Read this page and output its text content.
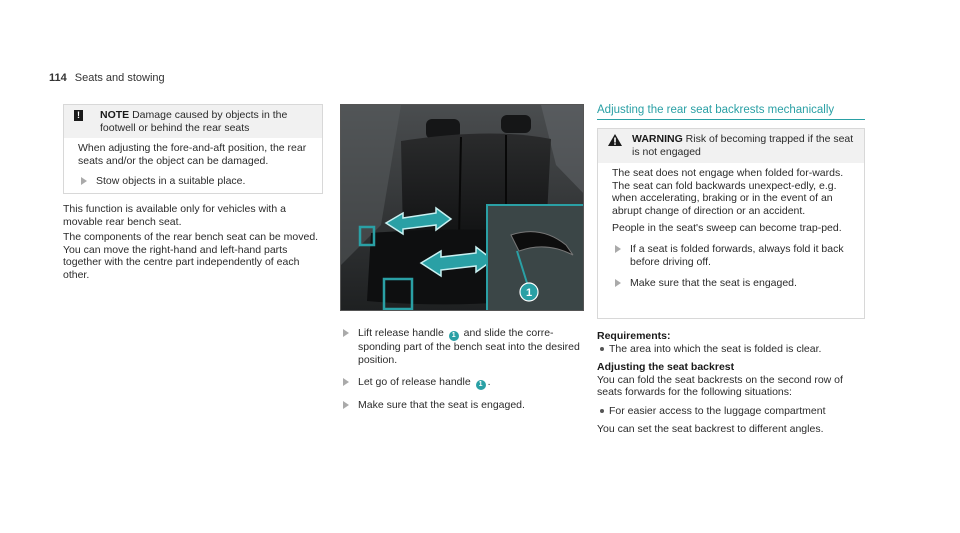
114 Seats and stowing
! NOTE Damage caused by objects in the footwell or behind the rear seats

When adjusting the fore-and-aft position, the rear seats and/or the object can be damaged.

Stow objects in a suitable place.

This function is available only for vehicles with a movable rear bench seat.

The components of the rear bench seat can be moved. You can move the right-hand and left-hand parts together with the centre part independently of each other.

1
Lift release handle 1 and slide the corre-sponding part of the bench seat into the desired position.
Let go of release handle 1 .
Make sure that the seat is engaged.
Adjusting the rear seat backrests mechanically
WARNING Risk of becoming trapped if the seat is not engaged

The seat does not engage when folded for-wards. The seat can fold backwards unexpect-edly, e.g. when accelerating, braking or in the event of an abrupt change of direction or an accident.

People in the seat's sweep can become trap-ped.

If a seat is folded forwards, always fold it back before driving off.
Make sure that the seat is engaged.
Requirements:

The area into which the seat is folded is clear.

Adjusting the seat backrest

You can fold the seat backrests on the second row of seats forwards for the following situations:

For easier access to the luggage compartment

You can set the seat backrest to different angles.
